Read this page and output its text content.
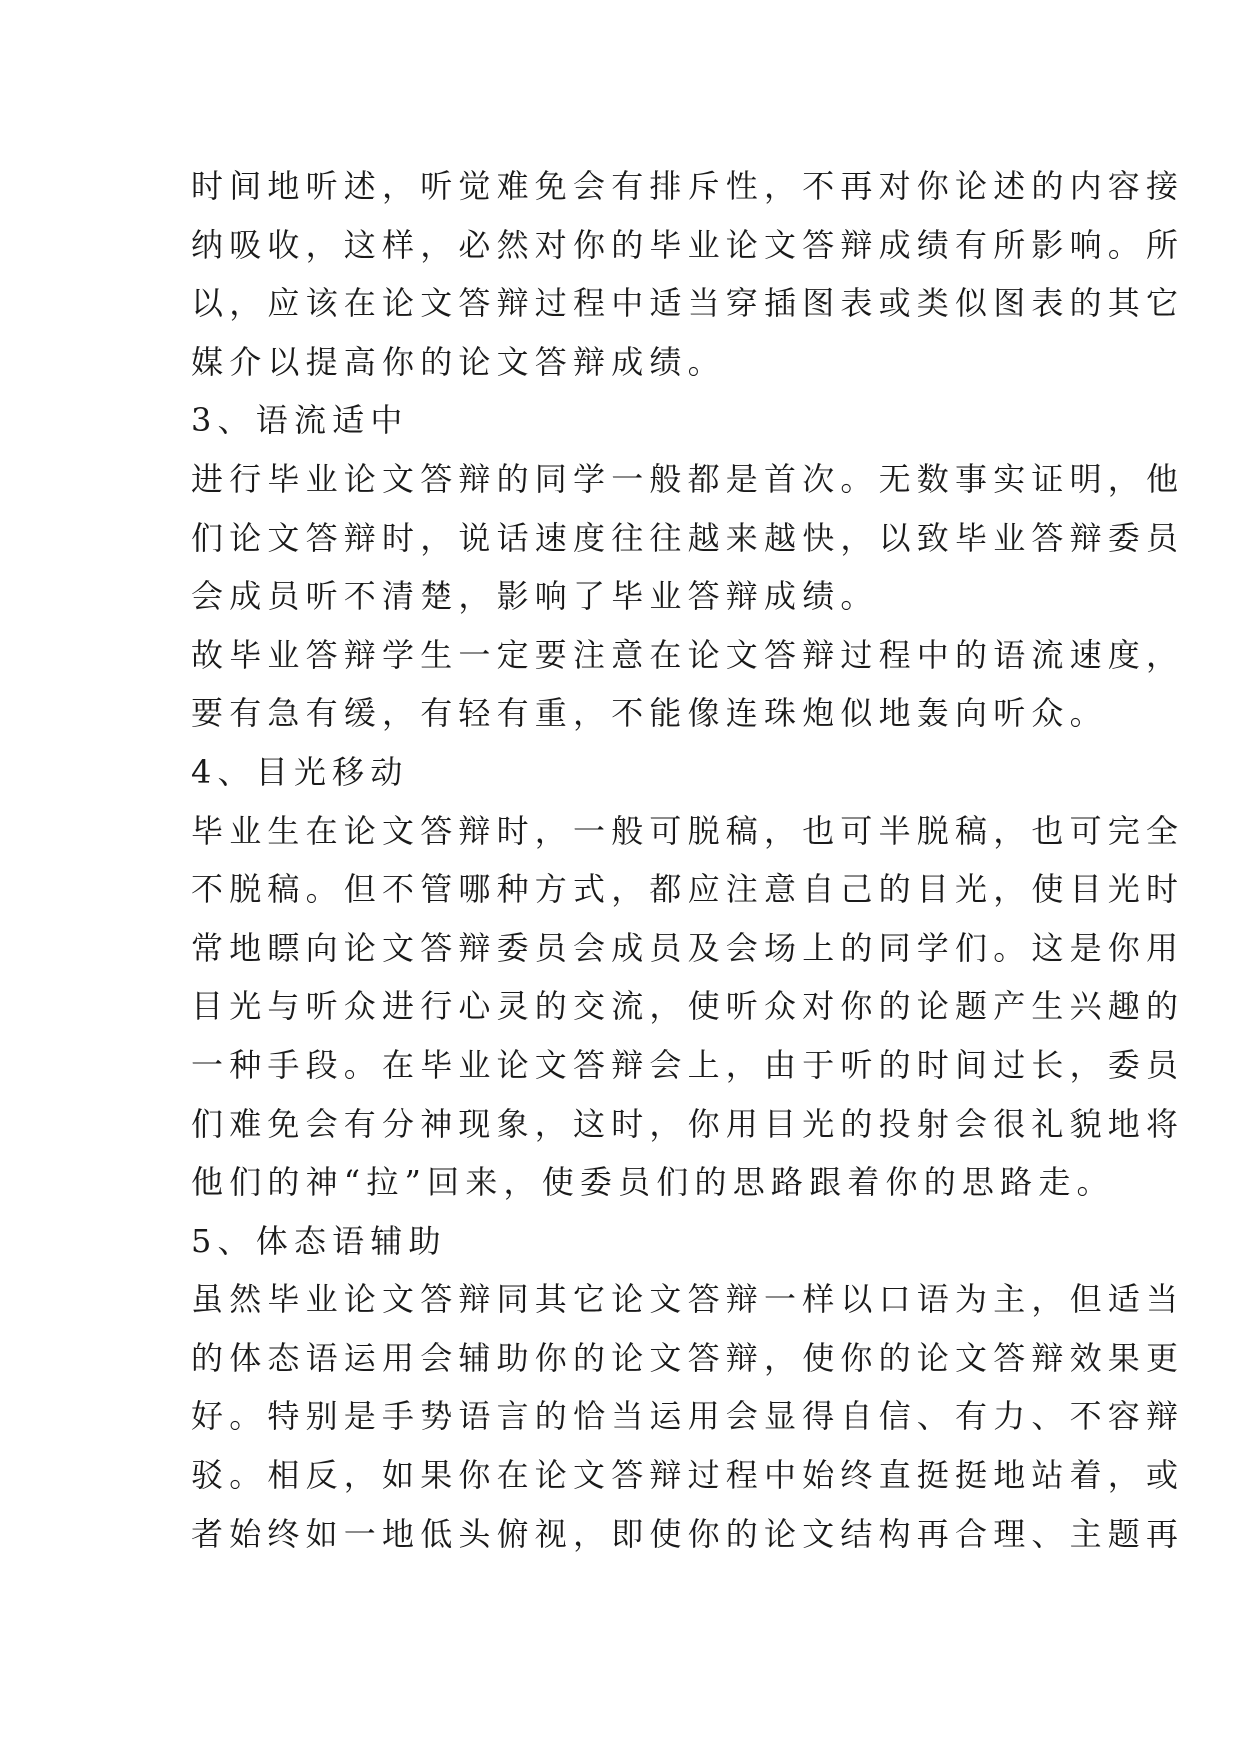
时间地听述，听觉难免会有排斥性，不再对你论述的内容接
纳吸收，这样，必然对你的毕业论文答辩成绩有所影响。所
以，应该在论文答辩过程中适当穿插图表或类似图表的其它
媒介以提高你的论文答辩成绩。
3、语流适中
进行毕业论文答辩的同学一般都是首次。无数事实证明，他
们论文答辩时，说话速度往往越来越快，以致毕业答辩委员
会成员听不清楚，影响了毕业答辩成绩。
故毕业答辩学生一定要注意在论文答辩过程中的语流速度，
要有急有缓，有轻有重，不能像连珠炮似地轰向听众。
4、目光移动
毕业生在论文答辩时，一般可脱稿，也可半脱稿，也可完全
不脱稿。但不管哪种方式，都应注意自己的目光，使目光时
常地瞟向论文答辩委员会成员及会场上的同学们。这是你用
目光与听众进行心灵的交流，使听众对你的论题产生兴趣的
一种手段。在毕业论文答辩会上，由于听的时间过长，委员
们难免会有分神现象，这时，你用目光的投射会很礼貌地将
他们的神“拉”回来，使委员们的思路跟着你的思路走。
5、体态语辅助
虽然毕业论文答辩同其它论文答辩一样以口语为主，但适当
的体态语运用会辅助你的论文答辩，使你的论文答辩效果更
好。特别是手势语言的恰当运用会显得自信、有力、不容辩
驳。相反，如果你在论文答辩过程中始终直挺挺地站着，或
者始终如一地低头俯视，即使你的论文结构再合理、主题再
